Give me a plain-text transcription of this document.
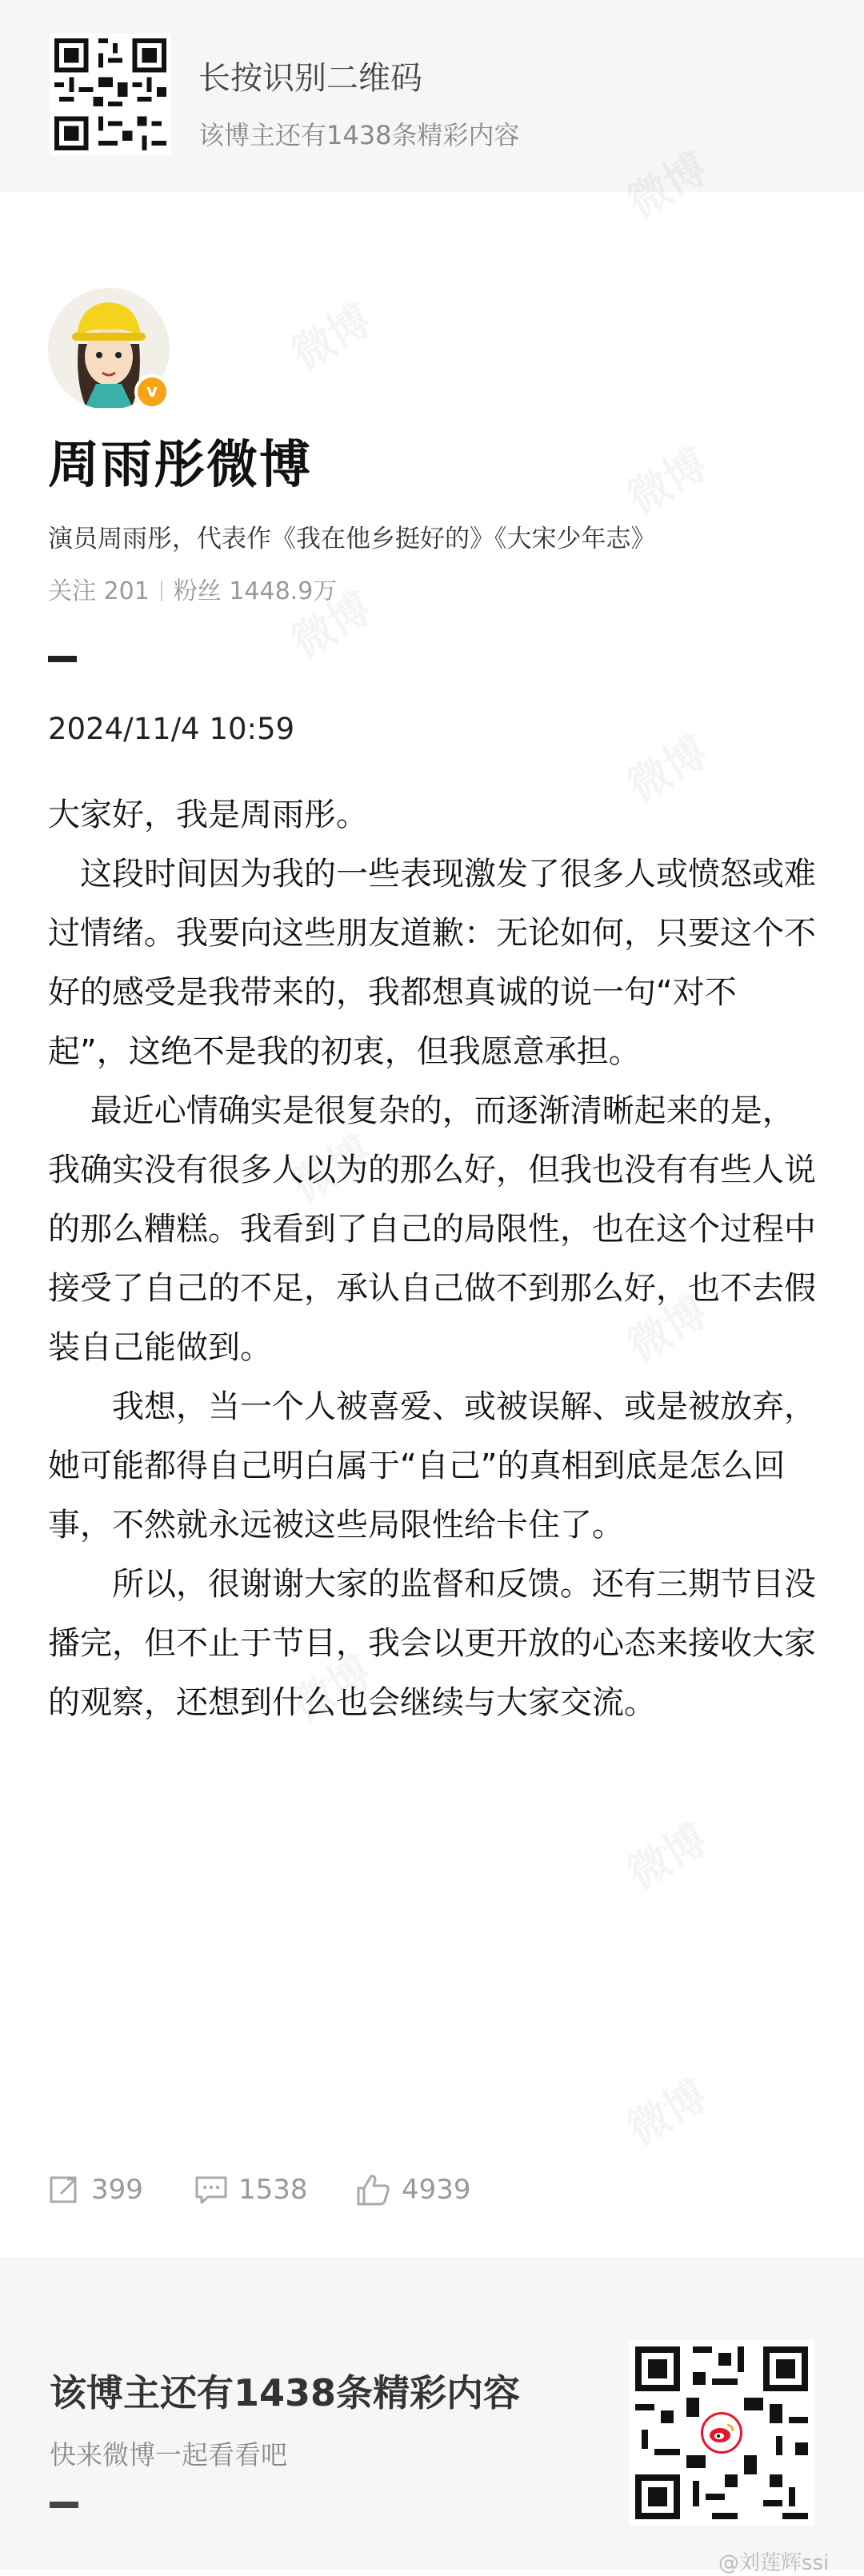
长按识别二维码
该博主还有1438条精彩内容
v
周雨彤微博
演员周雨彤，代表作《我在他乡挺好的》《大宋少年志》
关注 201 粉丝 1448.9万
2024/11/4 10:59

大家好，我是周雨彤。

　这段时间因为我的一些表现激发了很多人或愤怒或难过情绪。我要向这些朋友道歉：无论如何，只要这个不好的感受是我带来的，我都想真诚的说一句“对不起”，这绝不是我的初衷，但我愿意承担。

　 最近心情确实是很复杂的，而逐渐清晰起来的是，我确实没有很多人以为的那么好，但我也没有有些人说的那么糟糕。我看到了自己的局限性，也在这个过程中接受了自己的不足，承认自己做不到那么好，也不去假装自己能做到。

　　我想，当一个人被喜爱、或被误解、或是被放弃，她可能都得自己明白属于“自己”的真相到底是怎么回事，不然就永远被这些局限性给卡住了。

　　所以，很谢谢大家的监督和反馈。还有三期节目没播完，但不止于节目，我会以更开放的心态来接收大家的观察，还想到什么也会继续与大家交流。

399	1538	4939
该博主还有1438条精彩内容
快来微博一起看看吧
@刘莲辉ssi
